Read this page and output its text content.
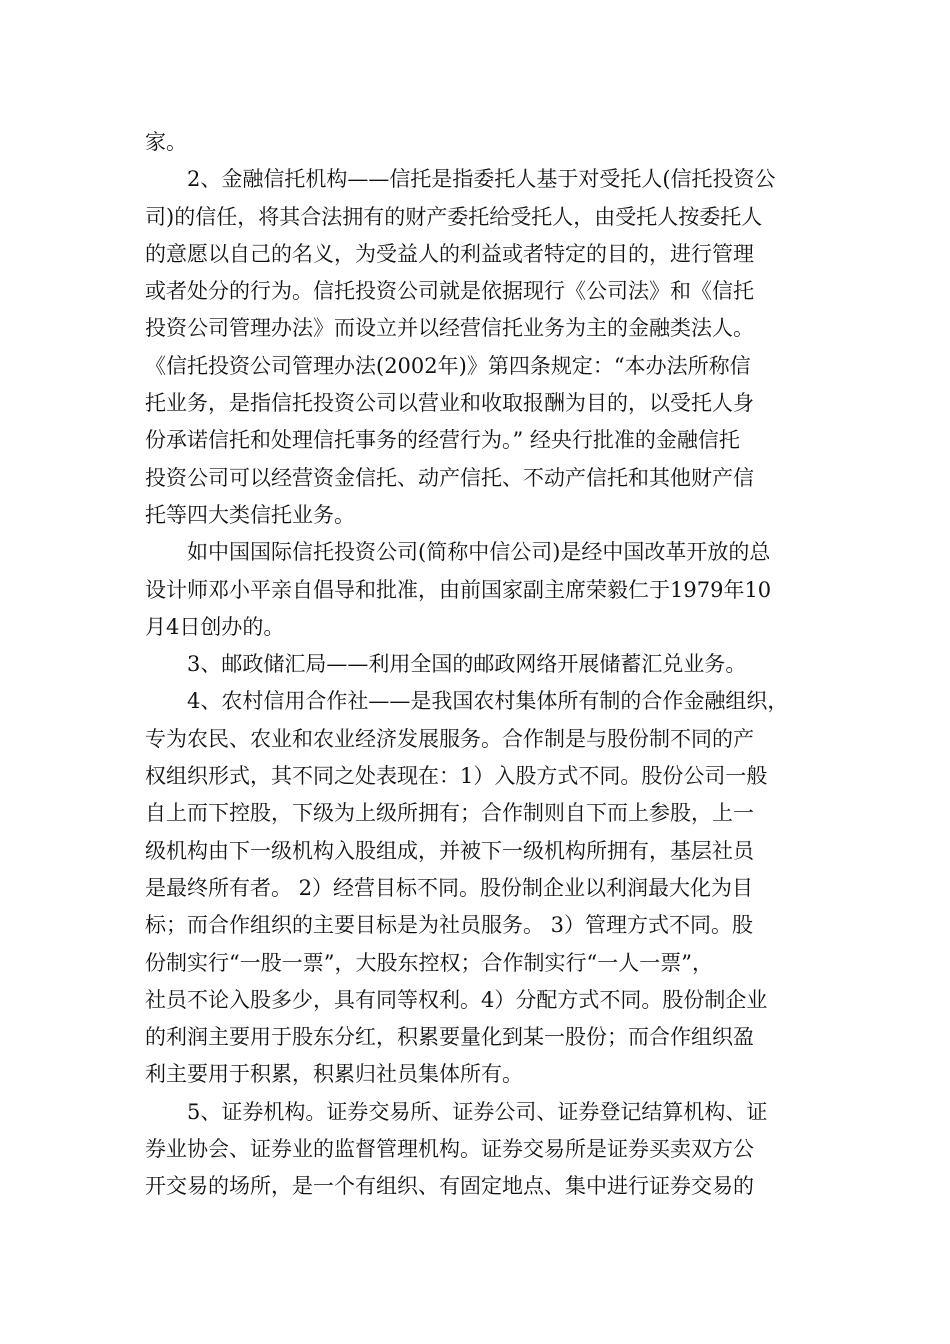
家。
2、金融信托机构——信托是指委托人基于对受托人(信托投资公
司)的信任，将其合法拥有的财产委托给受托人，由受托人按委托人
的意愿以自己的名义，为受益人的利益或者特定的目的，进行管理
或者处分的行为。信托投资公司就是依据现行《公司法》和《信托
投资公司管理办法》而设立并以经营信托业务为主的金融类法人。
《信托投资公司管理办法(2002年)》第四条规定：“本办法所称信
托业务，是指信托投资公司以营业和收取报酬为目的，以受托人身
份承诺信托和处理信托事务的经营行为。” 经央行批准的金融信托
投资公司可以经营资金信托、动产信托、不动产信托和其他财产信
托等四大类信托业务。
如中国国际信托投资公司(简称中信公司)是经中国改革开放的总
设计师邓小平亲自倡导和批准，由前国家副主席荣毅仁于1979年10
月4日创办的。
3、邮政储汇局——利用全国的邮政网络开展储蓄汇兑业务。
4、农村信用合作社——是我国农村集体所有制的合作金融组织，
专为农民、农业和农业经济发展服务。合作制是与股份制不同的产
权组织形式，其不同之处表现在：1）入股方式不同。股份公司一般
自上而下控股，下级为上级所拥有；合作制则自下而上参股，上一
级机构由下一级机构入股组成，并被下一级机构所拥有，基层社员
是最终所有者。 2）经营目标不同。股份制企业以利润最大化为目
标；而合作组织的主要目标是为社员服务。 3）管理方式不同。股
份制实行“一股一票”，大股东控权；合作制实行“一人一票”，
社员不论入股多少，具有同等权利。4）分配方式不同。股份制企业
的利润主要用于股东分红，积累要量化到某一股份；而合作组织盈
利主要用于积累，积累归社员集体所有。
5、证券机构。证券交易所、证券公司、证券登记结算机构、证
券业协会、证券业的监督管理机构。证券交易所是证券买卖双方公
开交易的场所，是一个有组织、有固定地点、集中进行证券交易的
